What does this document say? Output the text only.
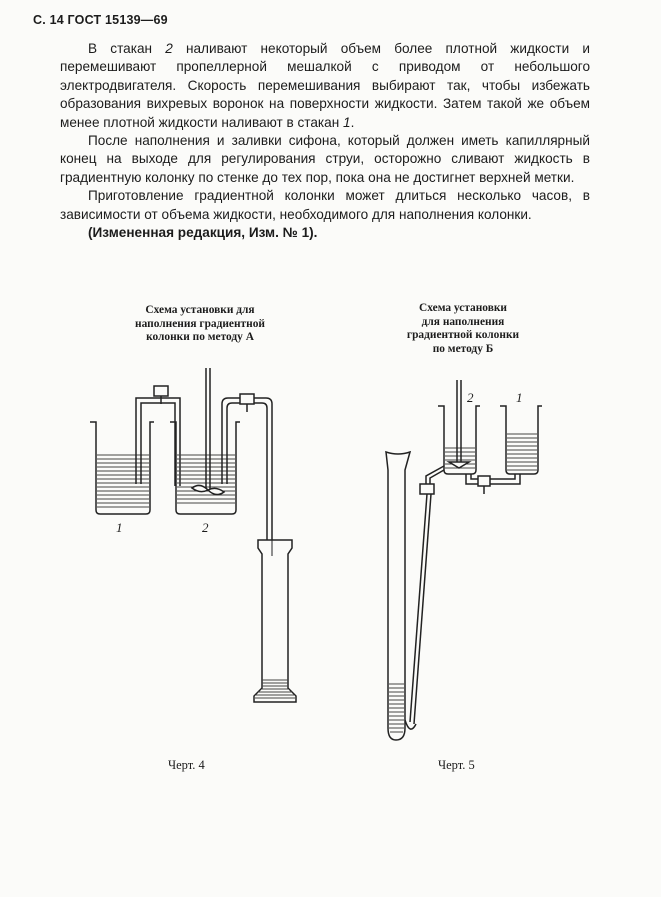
С. 14 ГОСТ 15139—69

В стакан 2 наливают некоторый объем более плотной жидкости и перемешивают пропеллерной мешалкой с приводом от небольшого электродвигателя. Скорость перемешивания выбирают так, чтобы избежать образования вихревых воронок на поверхности жидкости. Затем такой же объем менее плотной жидкости наливают в стакан 1.

После наполнения и заливки сифона, который должен иметь капиллярный конец на выходе для регулирования струи, осторожно сливают жидкость в градиентную колонку по стенке до тех пор, пока она не достигнет верхней метки.

Приготовление градиентной колонки может длиться несколько часов, в зависимости от объема жидкости, необходимого для наполнения колонки.

(Измененная редакция, Изм. № 1).

Схема установки для
наполнения градиентной
колонки по методу А
Схема установки
для наполнения
градиентной колонки
по методу Б
1	2
2	1
Черт. 4	Черт. 5
